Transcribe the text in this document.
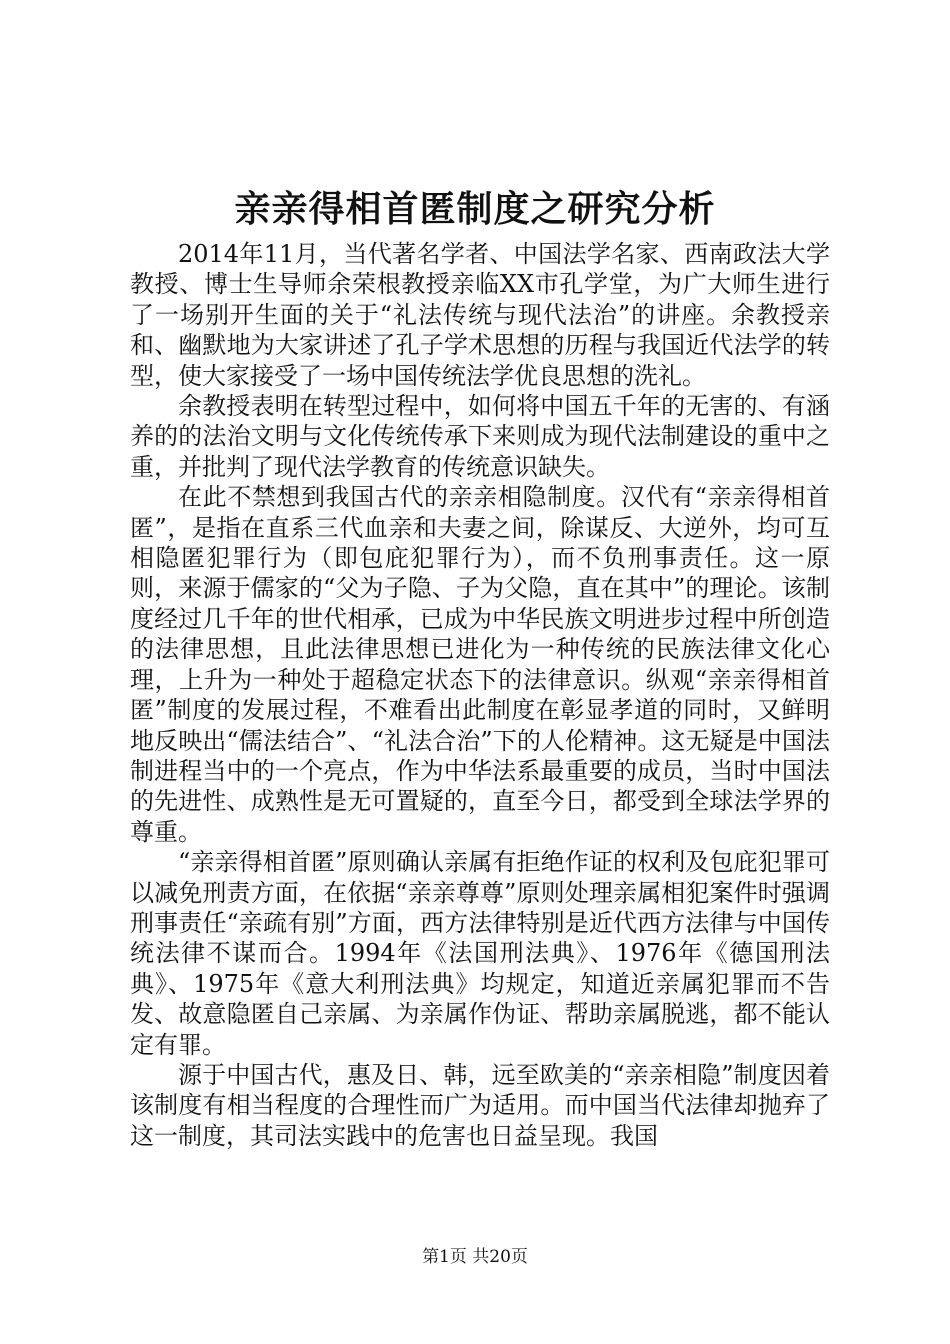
亲亲得相首匿制度之研究分析

2014年11月，当代著名学者、中国法学名家、西南政法大学教授、博士生导师余荣根教授亲临XX市孔学堂，为广大师生进行了一场别开生面的关于“礼法传统与现代法治”的讲座。余教授亲和、幽默地为大家讲述了孔子学术思想的历程与我国近代法学的转型，使大家接受了一场中国传统法学优良思想的洗礼。

余教授表明在转型过程中，如何将中国五千年的无害的、有涵养的的法治文明与文化传统传承下来则成为现代法制建设的重中之重，并批判了现代法学教育的传统意识缺失。

在此不禁想到我国古代的亲亲相隐制度。汉代有“亲亲得相首匿”，是指在直系三代血亲和夫妻之间，除谋反、大逆外，均可互相隐匿犯罪行为（即包庇犯罪行为），而不负刑事责任。这一原则，来源于儒家的“父为子隐、子为父隐，直在其中”的理论。该制度经过几千年的世代相承，已成为中华民族文明进步过程中所创造的法律思想，且此法律思想已进化为一种传统的民族法律文化心理，上升为一种处于超稳定状态下的法律意识。纵观“亲亲得相首匿”制度的发展过程，不难看出此制度在彰显孝道的同时，又鲜明地反映出“儒法结合”、“礼法合治”下的人伦精神。这无疑是中国法制进程当中的一个亮点，作为中华法系最重要的成员，当时中国法的先进性、成熟性是无可置疑的，直至今日，都受到全球法学界的尊重。

“亲亲得相首匿”原则确认亲属有拒绝作证的权利及包庇犯罪可以减免刑责方面，在依据“亲亲尊尊”原则处理亲属相犯案件时强调刑事责任“亲疏有别”方面，西方法律特别是近代西方法律与中国传统法律不谋而合。1994年《法国刑法典》、1976年《德国刑法典》、1975年《意大利刑法典》均规定，知道近亲属犯罪而不告发、故意隐匿自己亲属、为亲属作伪证、帮助亲属脱逃，都不能认定有罪。

源于中国古代，惠及日、韩，远至欧美的“亲亲相隐”制度因着该制度有相当程度的合理性而广为适用。而中国当代法律却抛弃了这一制度，其司法实践中的危害也日益呈现。我国

第1页 共20页
